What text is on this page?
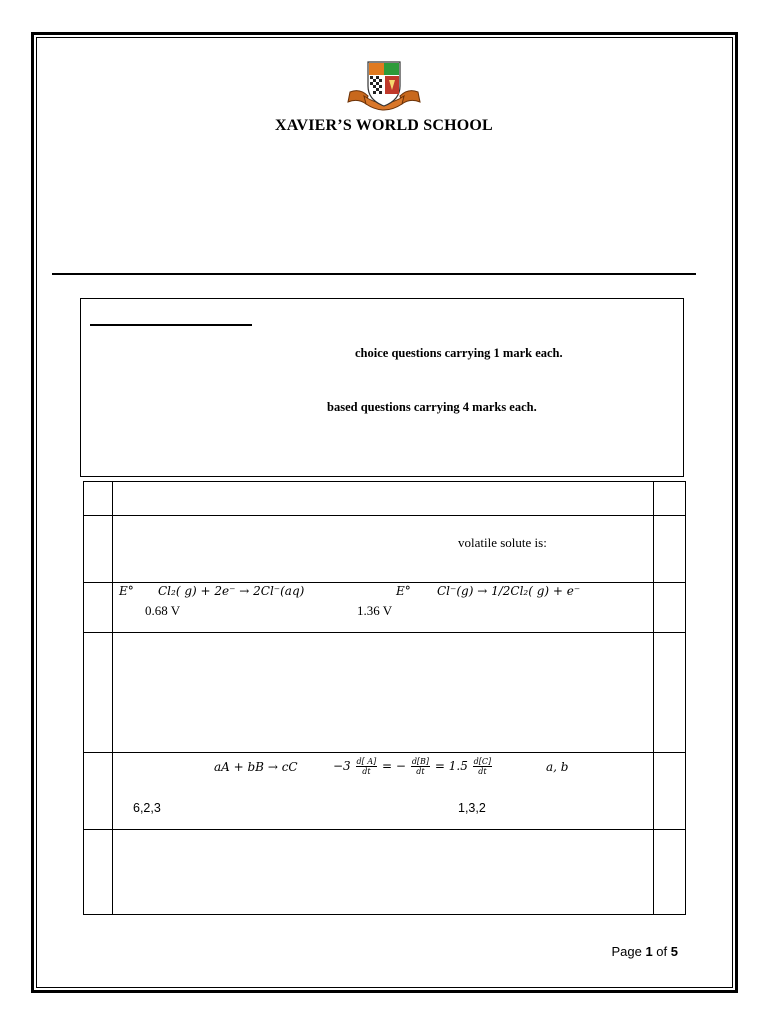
XAVIER’S WORLD SCHOOL
choice questions carrying 1 mark each.
based questions carrying 4 marks each.
volatile solute is:
E° Cl₂( g) + 2e⁻ → 2Cl⁻(aq)
0.68 V
E° Cl⁻(g) → 1/2Cl₂( g) + e⁻
1.36 V
aA + bB → cC	$-3 \frac{d[ A]}{dt}$ = − $\frac{d[B]}{dt} = 1.5 \frac{d[C]}{dt}$	a, b
6,2,3	1,3,2
Page 1 of 5
